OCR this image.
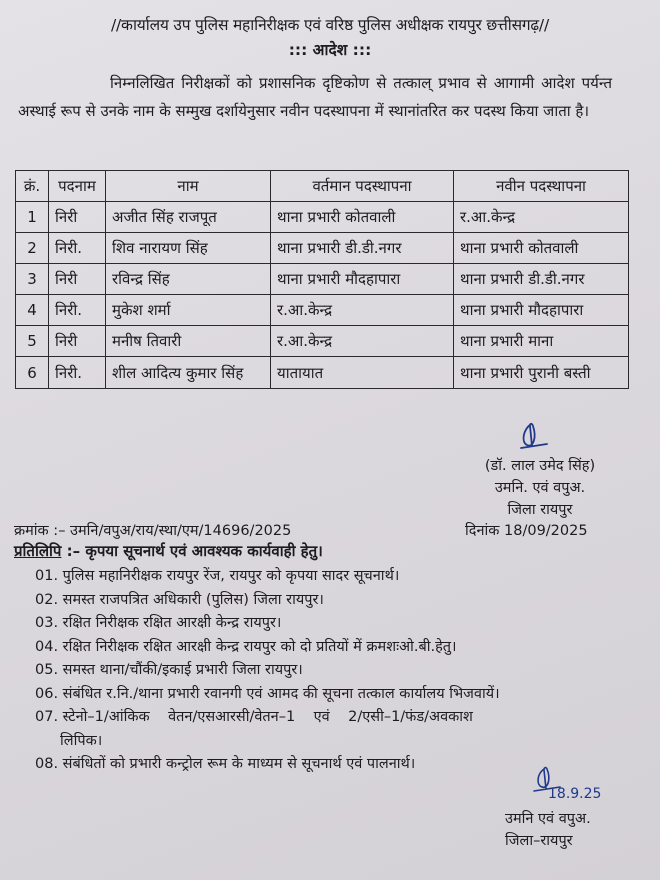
//कार्यालय उप पुलिस महानिरीक्षक एवं वरिष्ठ पुलिस अधीक्षक रायपुर छत्तीसगढ़//
::: आदेश :::
निम्नलिखित निरीक्षकों को प्रशासनिक दृष्टिकोण से तत्काल् प्रभाव से आगामी आदेश पर्यन्त अस्थाई रूप से उनके नाम के सम्मुख दर्शायेनुसार नवीन पदस्थापना में स्थानांतरित कर पदस्थ किया जाता है।
क्रं.	पदनाम	नाम	वर्तमान पदस्थापना	नवीन पदस्थापना
1	निरी	अजीत सिंह राजपूत	थाना प्रभारी कोतवाली	र.आ.केन्द्र
2	निरी.	शिव नारायण सिंह	थाना प्रभारी डी.डी.नगर	थाना प्रभारी कोतवाली
3	निरी	रविन्द्र सिंह	थाना प्रभारी मौदहापारा	थाना प्रभारी डी.डी.नगर
4	निरी.	मुकेश शर्मा	र.आ.केन्द्र	थाना प्रभारी मौदहापारा
5	निरी	मनीष तिवारी	र.आ.केन्द्र	थाना प्रभारी माना
6	निरी.	शील आदित्य कुमार सिंह	यातायात	थाना प्रभारी पुरानी बस्ती
(डॉ. लाल उमेद सिंह)
उमनि. एवं वपुअ.
जिला रायपुर
क्रमांक :– उमनि/वपुअ/राय/स्था/एम/14696/2025	दिनांक 18/09/2025
प्रतिलिपि :– कृपया सूचनार्थ एवं आवश्यक कार्यवाही हेतु।
01. पुलिस महानिरीक्षक रायपुर रेंज, रायपुर को कृपया सादर सूचनार्थ।
02. समस्त राजपत्रित अधिकारी (पुलिस) जिला रायपुर।
03. रक्षित निरीक्षक रक्षित आरक्षी केन्द्र रायपुर।
04. रक्षित निरीक्षक रक्षित आरक्षी केन्द्र रायपुर को दो प्रतियों में क्रमशःओ.बी.हेतु।
05. समस्त थाना/चौंकी/इकाई प्रभारी जिला रायपुर।
06. संबंधित र.नि./थाना प्रभारी रवानगी एवं आमद की सूचना तत्काल कार्यालय भिजवायें।
07. स्टेनो–1/आंकिक    वेतन/एसआरसी/वेतन–1    एवं    2/एसी–1/फंड/अवकाश
लिपिक।
08. संबंधितों को प्रभारी कन्ट्रोल रूम के माध्यम से सूचनार्थ एवं पालनार्थ।
18.9.25
उमनि एवं वपुअ.
जिला–रायपुर
